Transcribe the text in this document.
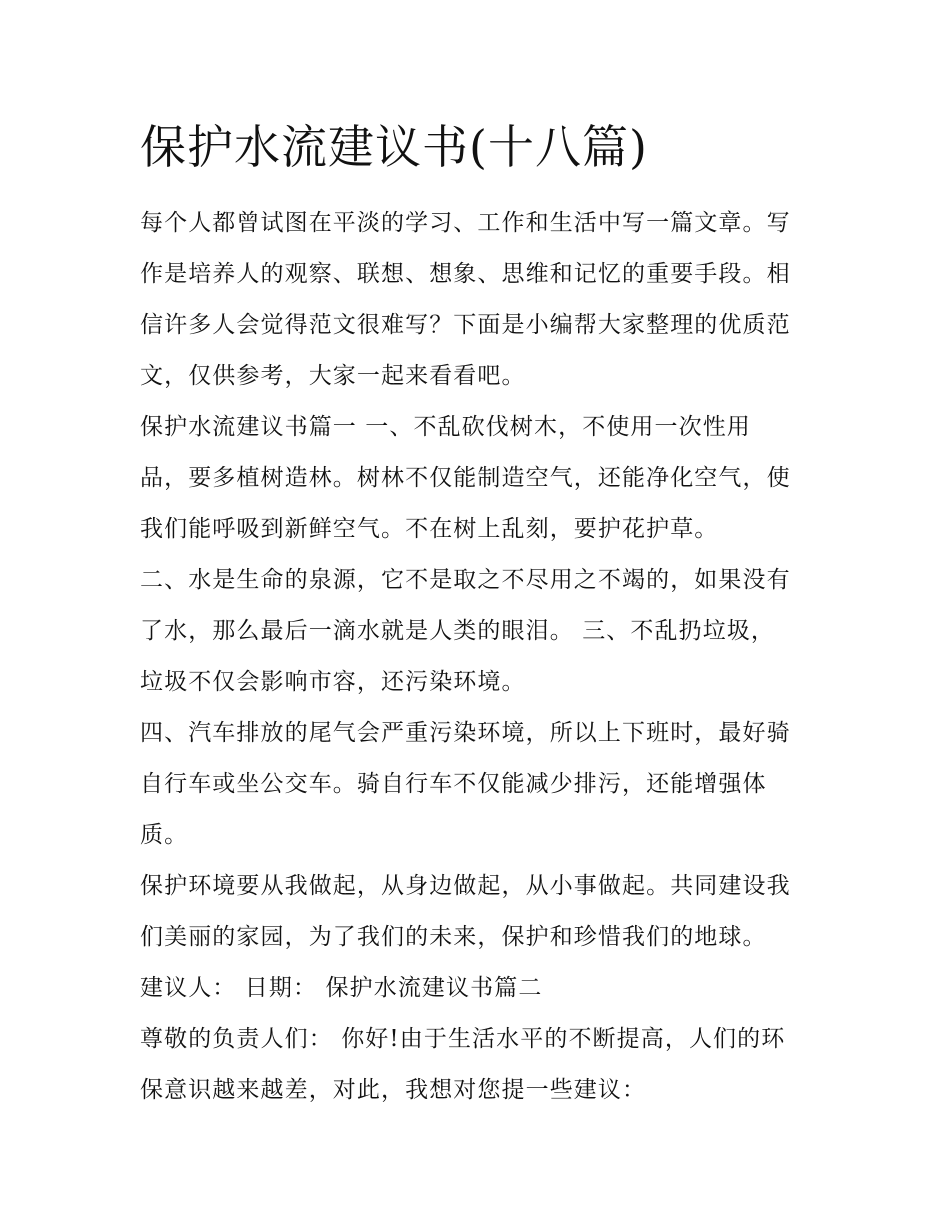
保护水流建议书(十八篇)

每个人都曾试图在平淡的学习、工作和生活中写一篇文章。写

作是培养人的观察、联想、想象、思维和记忆的重要手段。相

信许多人会觉得范文很难写？下面是小编帮大家整理的优质范

文，仅供参考，大家一起来看看吧。

保护水流建议书篇一 一、不乱砍伐树木，不使用一次性用

品，要多植树造林。树林不仅能制造空气，还能净化空气，使

我们能呼吸到新鲜空气。不在树上乱刻，要护花护草。

二、水是生命的泉源，它不是取之不尽用之不竭的，如果没有

了水，那么最后一滴水就是人类的眼泪。 三、不乱扔垃圾，

垃圾不仅会影响市容，还污染环境。

四、汽车排放的尾气会严重污染环境，所以上下班时，最好骑

自行车或坐公交车。骑自行车不仅能减少排污，还能增强体

质。

保护环境要从我做起，从身边做起，从小事做起。共同建设我

们美丽的家园，为了我们的未来，保护和珍惜我们的地球。

建议人： 日期： 保护水流建议书篇二

尊敬的负责人们： 你好!由于生活水平的不断提高，人们的环

保意识越来越差，对此，我想对您提一些建议：
